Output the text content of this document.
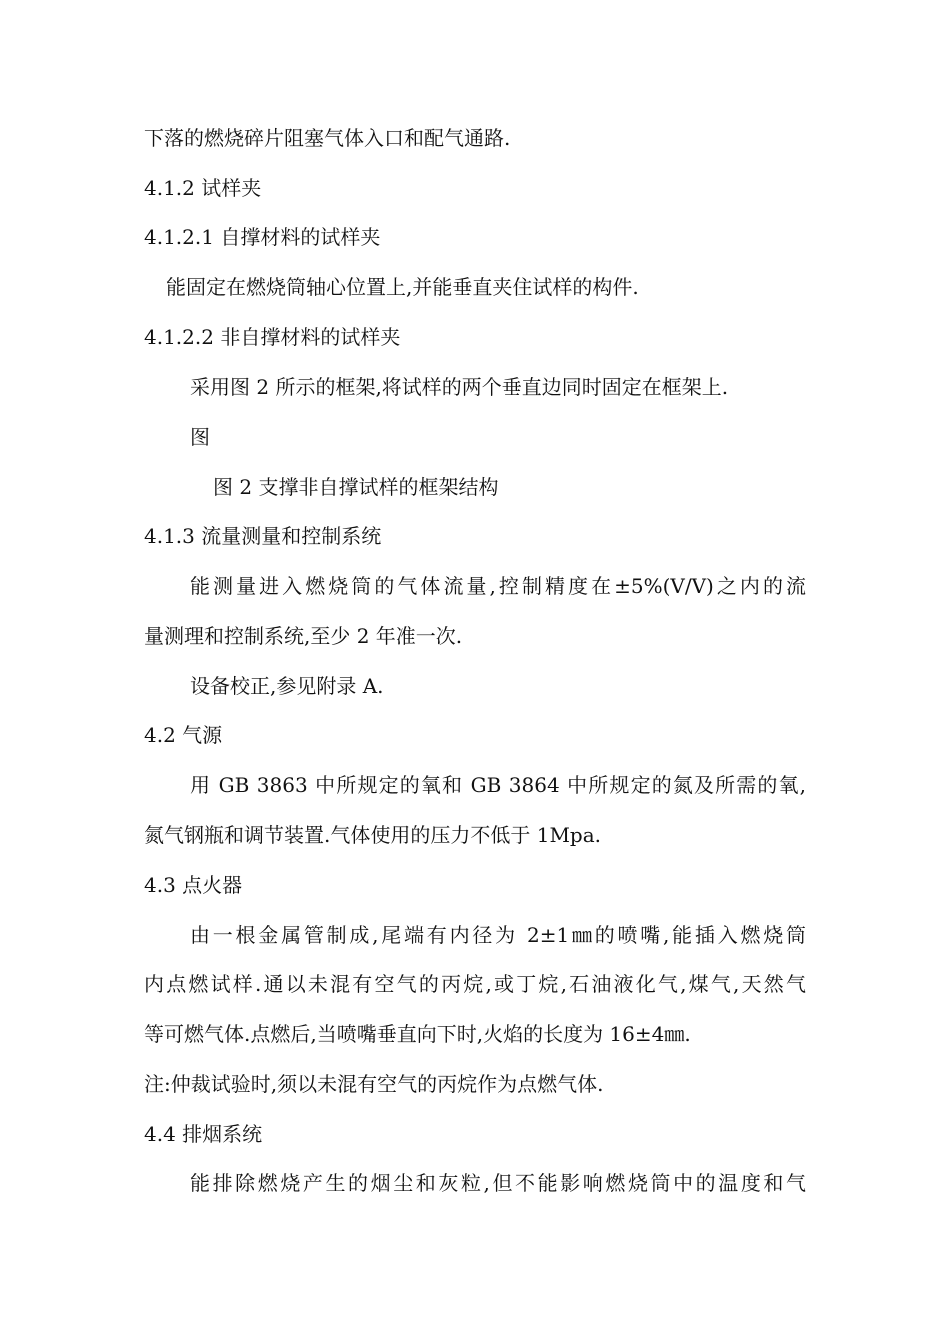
下落的燃烧碎片阻塞气体入口和配气通路.
4.1.2 试样夹
4.1.2.1 自撑材料的试样夹
能固定在燃烧筒轴心位置上,并能垂直夹住试样的构件.
4.1.2.2 非自撑材料的试样夹
采用图 2 所示的框架,将试样的两个垂直边同时固定在框架上.
图
图 2 支撑非自撑试样的框架结构
4.1.3 流量测量和控制系统
能测量进入燃烧筒的气体流量,控制精度在±5%(V/V)之内的流
量测理和控制系统,至少 2 年准一次.
设备校正,参见附录 A.
4.2 气源
用 GB 3863 中所规定的氧和 GB 3864 中所规定的氮及所需的氧,
氮气钢瓶和调节装置.气体使用的压力不低于 1Mpa.
4.3 点火器
由一根金属管制成,尾端有内径为 2±1㎜的喷嘴,能插入燃烧筒
内点燃试样.通以未混有空气的丙烷,或丁烷,石油液化气,煤气,天然气
等可燃气体.点燃后,当喷嘴垂直向下时,火焰的长度为 16±4㎜.
注:仲裁试验时,须以未混有空气的丙烷作为点燃气体.
4.4 排烟系统
能排除燃烧产生的烟尘和灰粒,但不能影响燃烧筒中的温度和气
